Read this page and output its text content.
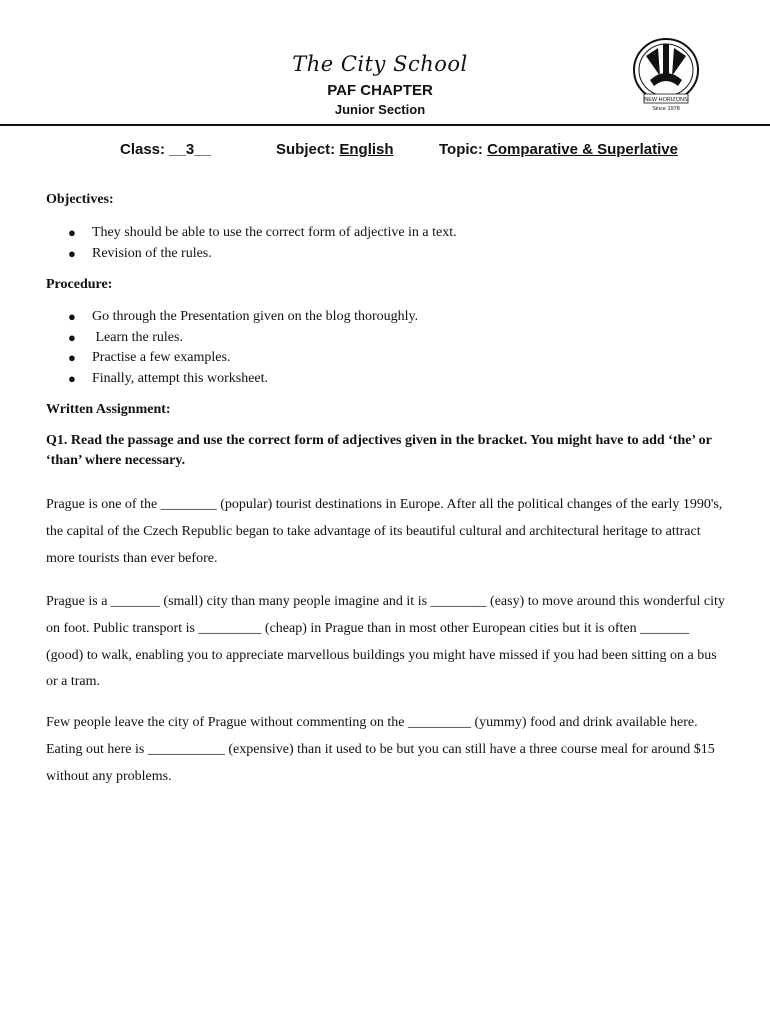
The City School
PAF CHAPTER
Junior Section
NEW HORIZONS
Since 1978
Class: __3__	Subject: English	Topic: Comparative & Superlative
Objectives:
● They should be able to use the correct form of adjective in a text.
● Revision of the rules.
Procedure:
● Go through the Presentation given on the blog thoroughly.
● Learn the rules.
● Practise a few examples.
● Finally, attempt this worksheet.
Written Assignment:
Q1. Read the passage and use the correct form of adjectives given in the bracket. You might have to add ‘the’ or ‘than’ where necessary.
Prague is one of the ________ (popular) tourist destinations in Europe. After all the political changes of the early 1990's, the capital of the Czech Republic began to take advantage of its beautiful cultural and architectural heritage to attract more tourists than ever before.
Prague is a _______ (small) city than many people imagine and it is ________ (easy) to move around this wonderful city on foot. Public transport is _________ (cheap) in Prague than in most other European cities but it is often _______ (good) to walk, enabling you to appreciate marvellous buildings you might have missed if you had been sitting on a bus or a tram.
Few people leave the city of Prague without commenting on the _________ (yummy) food and drink available here. Eating out here is ___________ (expensive) than it used to be but you can still have a three course meal for around $15 without any problems.
